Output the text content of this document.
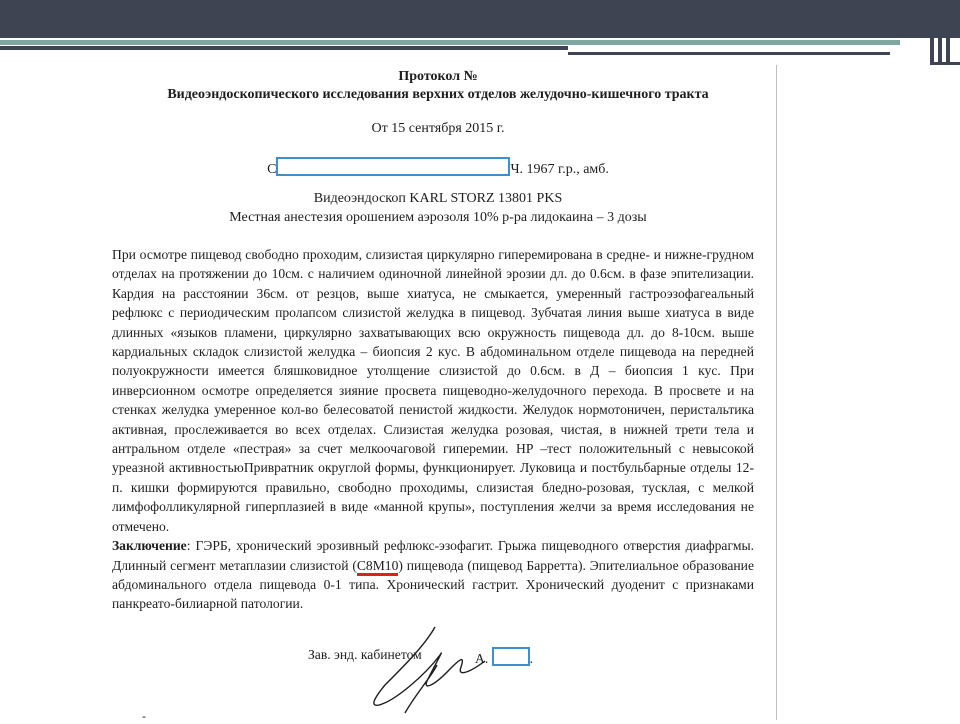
Протокол №
Видеоэндоскопического исследования верхних отделов желудочно-кишечного тракта
От 15 сентября 2015 г.
С	Ч. 1967 г.р., амб.
Видеоэндоскоп KARL STORZ 13801 PKS
Местная анестезия орошением аэрозоля 10% р-ра лидокаина – 3 дозы

При осмотре пищевод свободно проходим, слизистая циркулярно гиперемирована в средне- и нижне-грудном отделах на протяжении до 10см. с наличием одиночной линейной эрозии дл. до 0.6см. в фазе эпителизации. Кардия на расстоянии 36см. от резцов, выше хиатуса, не смыкается, умеренный гастроэзофагеальный рефлюкс с периодическим пролапсом слизистой желудка в пищевод. Зубчатая линия выше хиатуса в виде длинных «языков пламени, циркулярно захватывающих всю окружность пищевода дл. до 8-10см. выше кардиальных складок слизистой желудка – биопсия 2 кус. В абдоминальном отделе пищевода на передней полуокружности имеется бляшковидное утолщение слизистой до 0.6см. в Д – биопсия 1 кус. При инверсионном осмотре определяется зияние просвета пищеводно-желудочного перехода. В просвете и на стенках желудка умеренное кол-во белесоватой пенистой жидкости. Желудок нормотоничен, перистальтика активная, прослеживается во всех отделах. Слизистая желудка розовая, чистая, в нижней трети тела и антральном отделе «пестрая» за счет мелкоочаговой гиперемии. HP –тест положительный с невысокой уреазной активностьюПривратник округлой формы, функционирует. Луковица и постбульбарные отделы 12-п. кишки формируются правильно, свободно проходимы, слизистая бледно-розовая, тусклая, с мелкой лимфофолликулярной гиперплазией в виде «манной крупы», поступления желчи за время исследования не отмечено.

Заключение: ГЭРБ, хронический эрозивный рефлюкс-эзофагит. Грыжа пищеводного отверстия диафрагмы. Длинный сегмент метаплазии слизистой (C8M10) пищевода (пищевод Барретта). Эпителиальное образование абдоминального отдела пищевода 0-1 типа. Хронический гастрит. Хронический дуоденит с признаками панкреато-билиарной патологии.

Зав. энд. кабинетом	А.	.
-
